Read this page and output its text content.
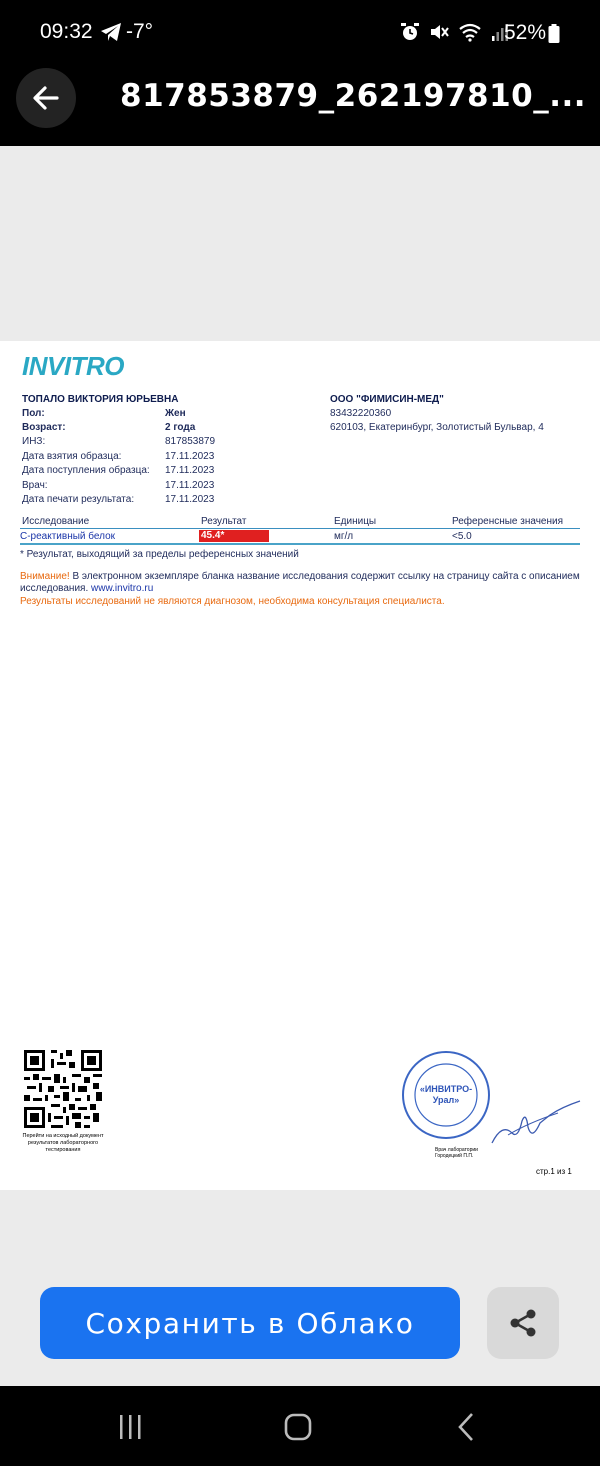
09:32 -7°	52%
817853879_262197810_...
INVITRO
ТОПАЛО ВИКТОРИЯ ЮРЬЕВНА	ООО "ФИМИСИН-МЕД"
83432220360
620103, Екатеринбург, Золотистый Бульвар, 4
Пол:	Жен
Возраст:	2 года
ИНЗ:	817853879
Дата взятия образца:	17.11.2023
Дата поступления образца: 17.11.2023
Врач:	17.11.2023
Дата печати результата:	17.11.2023
Исследование	Результат	Единицы	Референсные значения
С-реактивный белок	45.4*	мг/л	<5.0
* Результат, выходящий за пределы референсных значений
Внимание! В электронном экземпляре бланка название исследования содержит ссылку на страницу сайта с описанием исследования. www.invitro.ru
Результаты исследований не являются диагнозом, необходима консультация специалиста.
Перейти на исходный документ результатов лабораторного тестирования
«ИНВИТРО-
Урал»
Врач лаборатории
Городецкий П.П.
стр.1 из 1
Сохранить в Облако
